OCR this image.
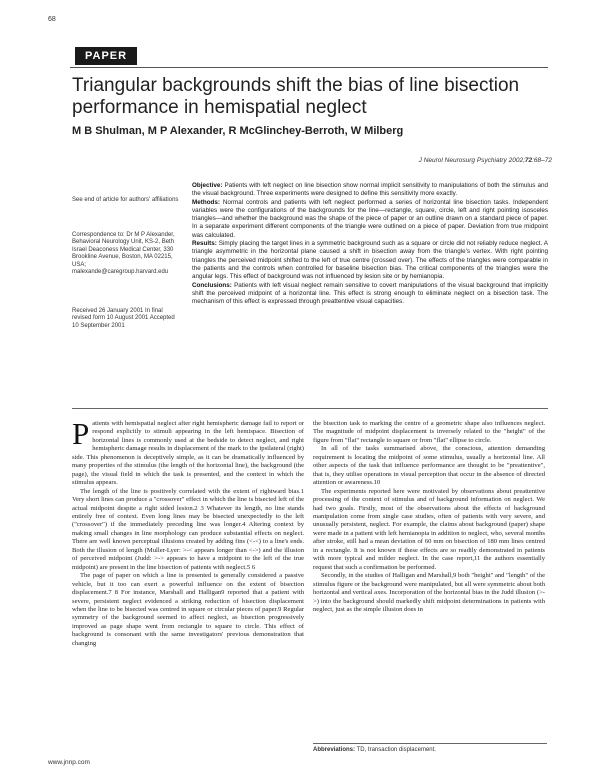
68
PAPER
Triangular backgrounds shift the bias of line bisection performance in hemispatial neglect
M B Shulman, M P Alexander, R McGlinchey-Berroth, W Milberg
J Neurol Neurosurg Psychiatry 2002;72:68–72
See end of article for authors' affiliations
Correspondence to: Dr M P Alexander, Behavioral Neurology Unit, KS-2, Beth Israel Deaconess Medical Center, 330 Brookline Avenue, Boston, MA 02215, USA; malexande@caregroup.harvard.edu
Received 26 January 2001 In final revised form 10 August 2001 Accepted 10 September 2001

Objective: Patients with left neglect on line bisection show normal implicit sensitivity to manipulations of both the stimulus and the visual background. Three experiments were designed to define this sensitivity more exactly.

Methods: Normal controls and patients with left neglect performed a series of horizontal line bisection tasks. Independent variables were the configurations of the backgrounds for the line—rectangle, square, circle, left and right pointing isosceles triangles—and whether the background was the shape of the piece of paper or an outline drawn on a standard piece of paper. In a separate experiment different components of the triangle were outlined on a piece of paper. Deviation from true midpoint was calculated.

Results: Simply placing the target lines in a symmetric background such as a square or circle did not reliably reduce neglect. A triangle asymmetric in the horizontal plane caused a shift in bisection away from the triangle's vertex. With right pointing triangles the perceived midpoint shifted to the left of true centre (crossed over). The effects of the triangles were comparable in the patients and the controls when controlled for baseline bisection bias. The critical components of the triangles were the angular legs. This effect of background was not influenced by lesion site or by hemianopia.

Conclusions: Patients with left visual neglect remain sensitive to covert manipulations of the visual background that implicitly shift the perceived midpoint of a horizontal line. This effect is strong enough to eliminate neglect on a bisection task. The mechanism of this effect is expressed through preattentive visual capacities.

Patients with hemispatial neglect after right hemispheric damage fail to report or respond explicitly to stimuli appearing in the left hemispace. Bisection of horizontal lines is commonly used at the bedside to detect neglect, and right hemispheric damage results in displacement of the mark to the ipsilateral (right) side. This phenomenon is deceptively simple, as it can be dramatically influenced by many properties of the stimulus (the length of the horizontal line), the background (the page), the visual field in which the task is presented, and the context in which the stimulus appears.

The length of the line is positively correlated with the extent of rightward bias.1 Very short lines can produce a "crossover" effect in which the line is bisected left of the actual midpoint despite a right sided lesion.2 3 Whatever its length, no line stands entirely free of context. Even long lines may be bisected unexpectedly to the left ("crossover") if the immediately preceding line was longer.4 Altering context by making small changes in line morphology can produce substantial effects on neglect. There are well known perceptual illusions created by adding fins (<-<) to a line's ends. Both the illusion of length (Muller-Lyer: >-< appears longer than <->) and the illusion of perceived midpoint (Judd: >-> appears to have a midpoint to the left of the true midpoint) are present in the line bisection of patients with neglect.5 6

The page of paper on which a line is presented is generally considered a passive vehicle, but it too can exert a powerful influence on the extent of bisection displacement.7 8 For instance, Marshall and Halligan9 reported that a patient with severe, persistent neglect evidenced a striking reduction of bisection displacement when the line to be bisected was centred in square or circular pieces of paper.9 Regular symmetry of the background seemed to affect neglect, as bisection progressively improved as page shape went from rectangle to square to circle. This effect of background is consonant with the same investigators' previous demonstration that changing

the bisection task to marking the centre of a geometric shape also influences neglect. The magnitude of midpoint displacement is inversely related to the "height" of the figure from "flat" rectangle to square or from "flat" ellipse to circle.

In all of the tasks summarised above, the conscious, attention demanding requirement is locating the midpoint of some stimulus, usually a horizontal line. All other aspects of the task that influence performance are thought to be "preattentive", that is, they utilise operations in visual perception that occur in the absence of directed attention or awareness.10

The experiments reported here were motivated by observations about preattentive processing of the context of stimulus and of background information on neglect. We had two goals. Firstly, most of the observations about the effects of background manipulation come from single case studies, often of patients with very severe, and unusually persistent, neglect. For example, the claims about background (paper) shape were made in a patient with left hemianopia in addition to neglect, who, several months after stroke, still had a mean deviation of 60 mm on bisection of 180 mm lines centred in a rectangle. It is not known if these effects are so readily demonstrated in patients with more typical and milder neglect. In the case report,11 the authors essentially request that such a confirmation be performed.

Secondly, in the studies of Halligan and Marshall,9 both "height" and "length" of the stimulus figure or the background were manipulated, but all were symmetric about both horizontal and vertical axes. Incorporation of the horizontal bias in the Judd illusion (>->) into the background should markedly shift midpoint determinations in patients with neglect, just as the simple illusion does in

Abbreviations: TD, transaction displacement.
www.jnnp.com
